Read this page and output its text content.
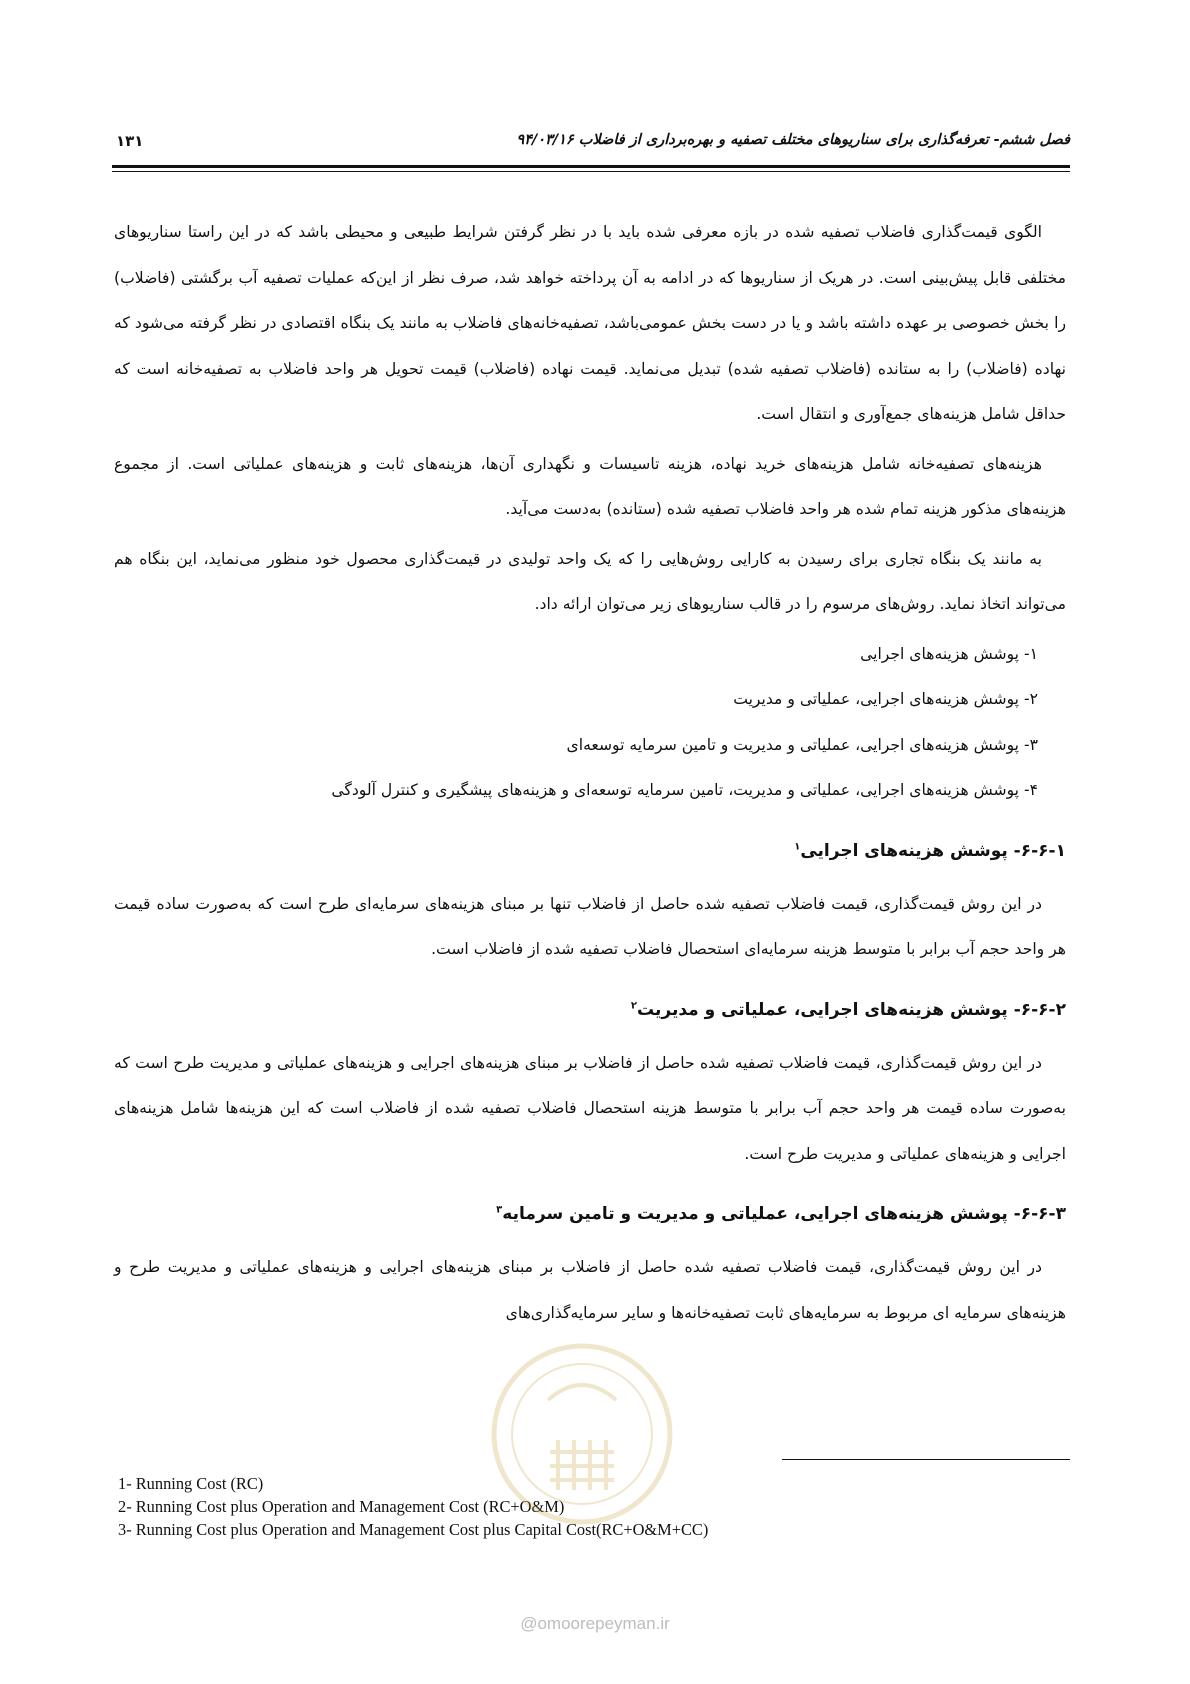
فصل ششم- تعرفه‌گذاری برای سناریوهای مختلف تصفیه و بهره‌برداری از فاضلاب ۹۴/۰۳/۱۶
۱۳۱

الگوی قیمت‌گذاری فاضلاب تصفیه شده در بازه معرفی شده باید با در نظر گرفتن شرایط طبیعی و محیطی باشد که در این راستا سناریوهای مختلفی قابل پیش‌بینی است. در هریک از سناریوها که در ادامه به آن پرداخته خواهد شد، صرف نظر از این‌که عملیات تصفیه آب برگشتی (فاضلاب) را بخش خصوصی بر عهده داشته باشد و یا در دست بخش عمومی‌باشد، تصفیه‌خانه‌های فاضلاب به مانند یک بنگاه اقتصادی در نظر گرفته می‌شود که نهاده (فاضلاب) را به ستانده (فاضلاب تصفیه شده) تبدیل می‌نماید. قیمت نهاده (فاضلاب) قیمت تحویل هر واحد فاضلاب به تصفیه‌خانه است که حداقل شامل هزینه‌های جمع‌آوری و انتقال است.

هزینه‌های تصفیه‌خانه شامل هزینه‌های خرید نهاده، هزینه تاسیسات و نگهداری آن‌ها، هزینه‌های ثابت و هزینه‌های عملیاتی است. از مجموع هزینه‌های مذکور هزینه تمام شده هر واحد فاضلاب تصفیه شده (ستانده) به‌دست می‌آید.

به مانند یک بنگاه تجاری برای رسیدن به کارایی روش‌هایی را که یک واحد تولیدی در قیمت‌گذاری محصول خود منظور می‌نماید، این بنگاه هم می‌تواند اتخاذ نماید. روش‌های مرسوم را در قالب سناریوهای زیر می‌توان ارائه داد.

۱- پوشش هزینه‌های اجرایی
۲- پوشش هزینه‌های اجرایی، عملیاتی و مدیریت
۳- پوشش هزینه‌های اجرایی، عملیاتی و مدیریت و تامین سرمایه توسعه‌ای
۴- پوشش هزینه‌های اجرایی، عملیاتی و مدیریت، تامین سرمایه توسعه‌ای و هزینه‌های پیشگیری و کنترل آلودگی
۶-۶-۱- پوشش هزینه‌های اجرایی$^۱$

در این روش قیمت‌گذاری، قیمت فاضلاب تصفیه شده حاصل از فاضلاب تنها بر مبنای هزینه‌های سرمایه‌ای طرح است که به‌صورت ساده قیمت هر واحد حجم آب برابر با متوسط هزینه سرمایه‌ای استحصال فاضلاب تصفیه شده از فاضلاب است.

۶-۶-۲- پوشش هزینه‌های اجرایی، عملیاتی و مدیریت$^۲$

در این روش قیمت‌گذاری، قیمت فاضلاب تصفیه شده حاصل از فاضلاب بر مبنای هزینه‌های اجرایی و هزینه‌های عملیاتی و مدیریت طرح است که به‌صورت ساده قیمت هر واحد حجم آب برابر با متوسط هزینه استحصال فاضلاب تصفیه شده از فاضلاب است که این هزینه‌ها شامل هزینه‌های اجرایی و هزینه‌های عملیاتی و مدیریت طرح است.

۶-۶-۳- پوشش هزینه‌های اجرایی، عملیاتی و مدیریت و تامین سرمایه$^۳$

در این روش قیمت‌گذاری، قیمت فاضلاب تصفیه شده حاصل از فاضلاب بر مبنای هزینه‌های اجرایی و هزینه‌های عملیاتی و مدیریت طرح و هزینه‌های سرمایه ای مربوط به سرمایه‌های ثابت تصفیه‌خانه‌ها و سایر سرمایه‌گذاری‌های

1- Running Cost (RC)
2- Running Cost plus Operation and Management Cost (RC+O&M)
3- Running Cost plus Operation and Management Cost plus Capital Cost(RC+O&M+CC)
@omoorepeyman.ir
